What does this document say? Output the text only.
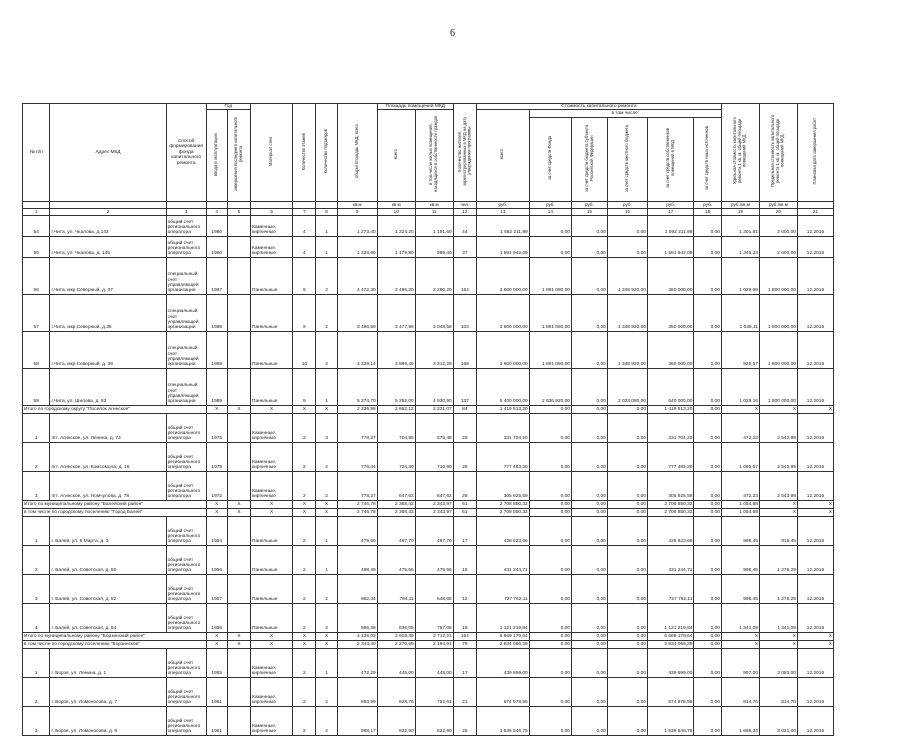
6
№ п/п	Адрес МКД	Способ формирования фонда капитального ремонта	Год		Материал стен	Количество этажей	Количество подъездов	общая площадь МКД, всего	Площадь помещений МКД		Количество жителей, зарегистрированных в МКД на дату утверждения программы	Стоимость капитального ремонта						Удельная стоимость капитального ремонта 1 кв. м. общей площади помещений МКД	Предельная стоимость капитального ремонта 1 кв. м. общей площади помещений МКД	Плановая дата завершения работ
			ввода в эксплуатацию	завершения последнего капитального ремонта					всего	в том числе жилых помещений, находящихся в собственности граждан		всего	в том числе:							
													за счет средств Фонда	за счет средств бюджета субъекта Российской Федерации	за счет средств местного бюджета	за счет средств собственников помещений в МКД	за счет средств иных источников			
								кв.м	кв.м	кв.м	чел.	руб.	руб.	руб.	руб.	руб.	руб.	руб./кв.м	руб./кв.м	
1	2	3	4	5	6	7	8	9	10	11	12	13	14	15	16	17	18	19	20	21
54	г.Чита, ул. Чкалова, д.143	общий счет регионального оператора	1960		Каменные, кирпичные	4	1	1 273,40	1 224,20	1 191,60	44	1 592 211,99	0,00	0,00	0,00	1 592 211,99	0,00	1 301,61	2 600,00	12.2016
55	г.Чита, ул. Чкалова, д. 145	общий счет регионального оператора	1960		Каменные, кирпичные	4	1	1 329,80	1 179,80	989,40	37	1 591 942,09	0,00	0,00	0,00	1 591 942,09	0,00	1 345,23	2 600,00	12.2016
56	г.Чита, мкр.Северный, д. 37	специальный счет управляющей организации	1987		Панельные	9	2	4 472,30	3 496,20	3 290,20	154	3 600 000,00	1 891 080,00	0,00	1 348 920,00	360 000,00	0,00	1 029,69	1 800 000,00	12.2016
57	г.Чита, мкр.Северный, д.38	специальный счет управляющей организации	1988		Панельные	9	2	3 496,59	3 477,96	3 048,58	103	3 600 000,00	1 891 080,00	0,00	1 348 920,00	360 000,00	0,00	1 035,11	1 800 000,00	12.2016
58	г.Чита, мкр.Северный, д. 39	специальный счет управляющей организации	1989		Панельные	10	2	4 329,14	3 889,49	3 312,29	169	3 600 000,00	1 891 080,00	0,00	1 348 920,00	360 000,00	0,00	925,57	1 800 000,00	12.2016
59	г.Чита, ул. Шилова, д. 93	специальный счет управляющей организации	1989		Панельные	9	1	5 274,70	5 252,00	4 930,90	137	5 400 000,00	2 836 920,00	0,00	2 023 080,00	540 000,00	0,00	1 028,16	1 800 000,00	12.2016
Итого по городскому округу "Поселок Агинское"			X	X	X	X	X	2 336,98	2 662,12	2 331,07	84	1 419 513,20	0,00	0,00	0,00	1 419 513,20	0,00	X	X	X
1	пгт. Агинское, ул. Ленина, д. 73	общий счет регионального оператора	1975		Каменные, кирпичные	2	3	778,27	704,55	675,48	28	331 704,20	0,00	0,00	0,00	331 704,20	0,00	472,23	2 543,99	12.2016
2	пгт. Агинское, ул. Комсомола, д. 16	общий счет регионального оператора	1975		Каменные, кирпичные	2	2	776,44	724,30	710,90	28	777 483,30	0,00	0,00	0,00	777 483,30	0,00	1 095,67	2 543,99	12.2016
3	пгт. Агинское, ул. Номчулова, д. 78	общий счет регионального оператора	1972		Каменные, кирпичные	2	2	778,27	647,62	647,62	28	305 925,59	0,00	0,00	0,00	305 925,59	0,00	472,23	2 543,99	12.2016
Итого по муниципальному району "Балейский район"			X	X	X	X	X	2 746,78	2 368,42	2 343,97	61	2 708 850,32	0,00	0,00	0,00	2 708 850,32	0,00	1 054,68	X	X
в том числе по городскому поселению "Город Балей"			X	X	X	X	X	2 746,78	2 368,42	2 343,97	61	2 708 850,32	0,00	0,00	0,00	2 708 850,32	0,00	1 054,68	X	X
1	г. Балей, ул. 8 Марта, д. 3	общий счет регионального оператора	1954		Панельные	2	1	479,50	467,70	467,70	17	428 623,66	0,00	0,00	0,00	428 623,66	0,00	998,45	916,45	12.2016
2	г. Балей, ул. Советская, д. 50	общий счет регионального оператора	1956		Панельные	2	1	498,49	475,56	475,56	18	431 244,71	0,00	0,00	0,00	431 244,71	0,00	998,45	1 276,29	12.2016
3	г. Балей, ул. Советская, д. 52	общий счет регионального оператора	1957		Панельные	2	2	882,34	794,11	648,66	12	727 762,11	0,00	0,00	0,00	727 762,11	0,00	998,45	1 276,29	12.2016
4	г. Балей, ул. Советская, д. 54	общий счет регионального оператора	1956		Панельные	2	2	886,38	836,05	757,05	18	1 121 219,84	0,00	0,00	0,00	1 121 219,84	0,00	1 341,09	1 341,09	12.2016
Итого по муниципальному району "Борзинский район"			X	X	X	X	X	4 135,03	3 918,39	3 712,21	154	6 669 179,64	0,00	0,00	0,00	6 669 179,64	0,00	X	X	X
в том числе по городскому поселению "Борзинское"			X	X	X	X	X	2 343,40	2 270,69	2 194,91	76	2 834 066,39	0,00	0,00	0,00	2 834 066,39	0,00	X	X	X
1	г. Борзя, ул. Ленина, д. 1	общий счет регионального оператора	1955		Каменные, кирпичные	2	1	472,29	445,00	445,00	17	439 899,00	0,00	0,00	0,00	439 899,00	0,00	997,00	3 083,00	12.2016
2	г. Борзя, ул. Ломоносова, д. 7	общий счет регионального оператора	1961		Каменные, кирпичные	2	2	893,99	828,76	752,61	21	674 978,95	0,00	0,00	0,00	674 978,95	0,00	814,76	814,70	12.2016
3	г. Борзя, ул. Ломоносова, д. 9	общий счет регионального оператора	1961		Каменные, кирпичные	2	2	988,17	822,90	822,90	25	1 536 546,75	0,00	0,00	0,00	1 536 546,75	0,00	1 668,34	3 021,00	12.2016
